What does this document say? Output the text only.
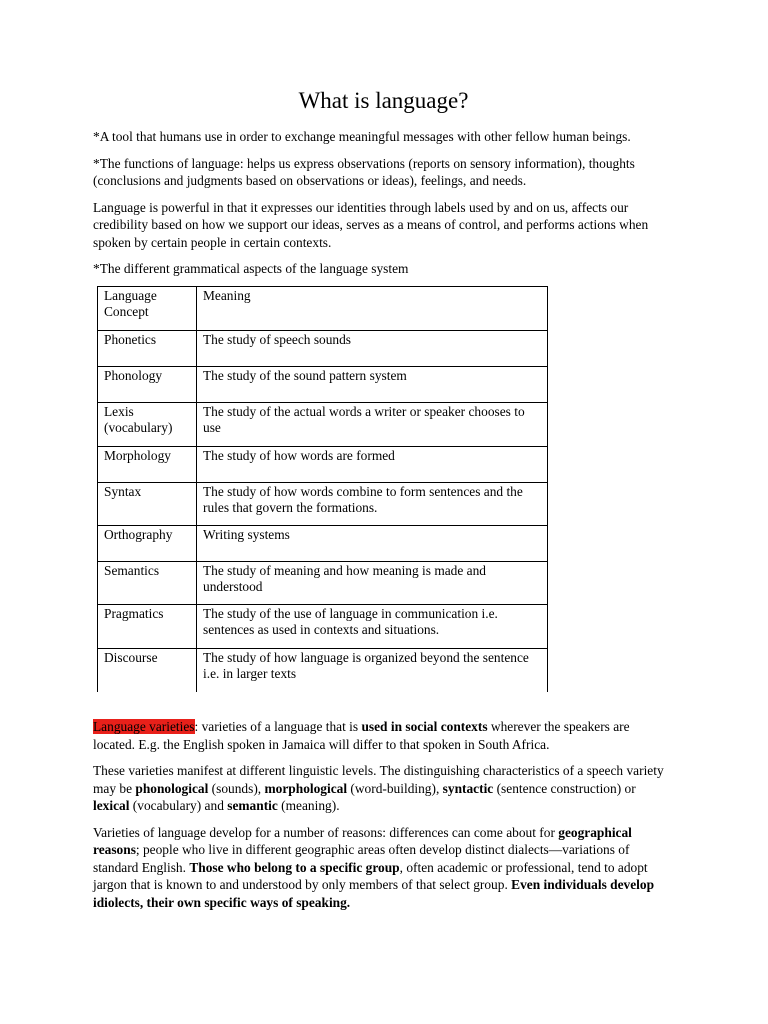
What is language?

*A tool that humans use in order to exchange meaningful messages with other fellow human beings.

*The functions of language: helps us express observations (reports on sensory information), thoughts (conclusions and judgments based on observations or ideas), feelings, and needs.

Language is powerful in that it expresses our identities through labels used by and on us, affects our credibility based on how we support our ideas, serves as a means of control, and performs actions when spoken by certain people in certain contexts.

*The different grammatical aspects of the language system

Language Concept	Meaning
Phonetics	The study of speech sounds
Phonology	The study of the sound pattern system
Lexis (vocabulary)	The study of the actual words a writer or speaker chooses to use
Morphology	The study of how words are formed
Syntax	The study of how words combine to form sentences and the rules that govern the formations.
Orthography	Writing systems
Semantics	The study of meaning and how meaning is made and understood
Pragmatics	The study of the use of language in communication i.e. sentences as used in contexts and situations.
Discourse	The study of how language is organized beyond the sentence i.e. in larger texts

Language varieties: varieties of a language that is used in social contexts wherever the speakers are located. E.g. the English spoken in Jamaica will differ to that spoken in South Africa.

These varieties manifest at different linguistic levels. The distinguishing characteristics of a speech variety may be phonological (sounds), morphological (word-building), syntactic (sentence construction) or lexical (vocabulary) and semantic (meaning).

Varieties of language develop for a number of reasons: differences can come about for geographical reasons; people who live in different geographic areas often develop distinct dialects—variations of standard English. Those who belong to a specific group, often academic or professional, tend to adopt jargon that is known to and understood by only members of that select group. Even individuals develop idiolects, their own specific ways of speaking.
